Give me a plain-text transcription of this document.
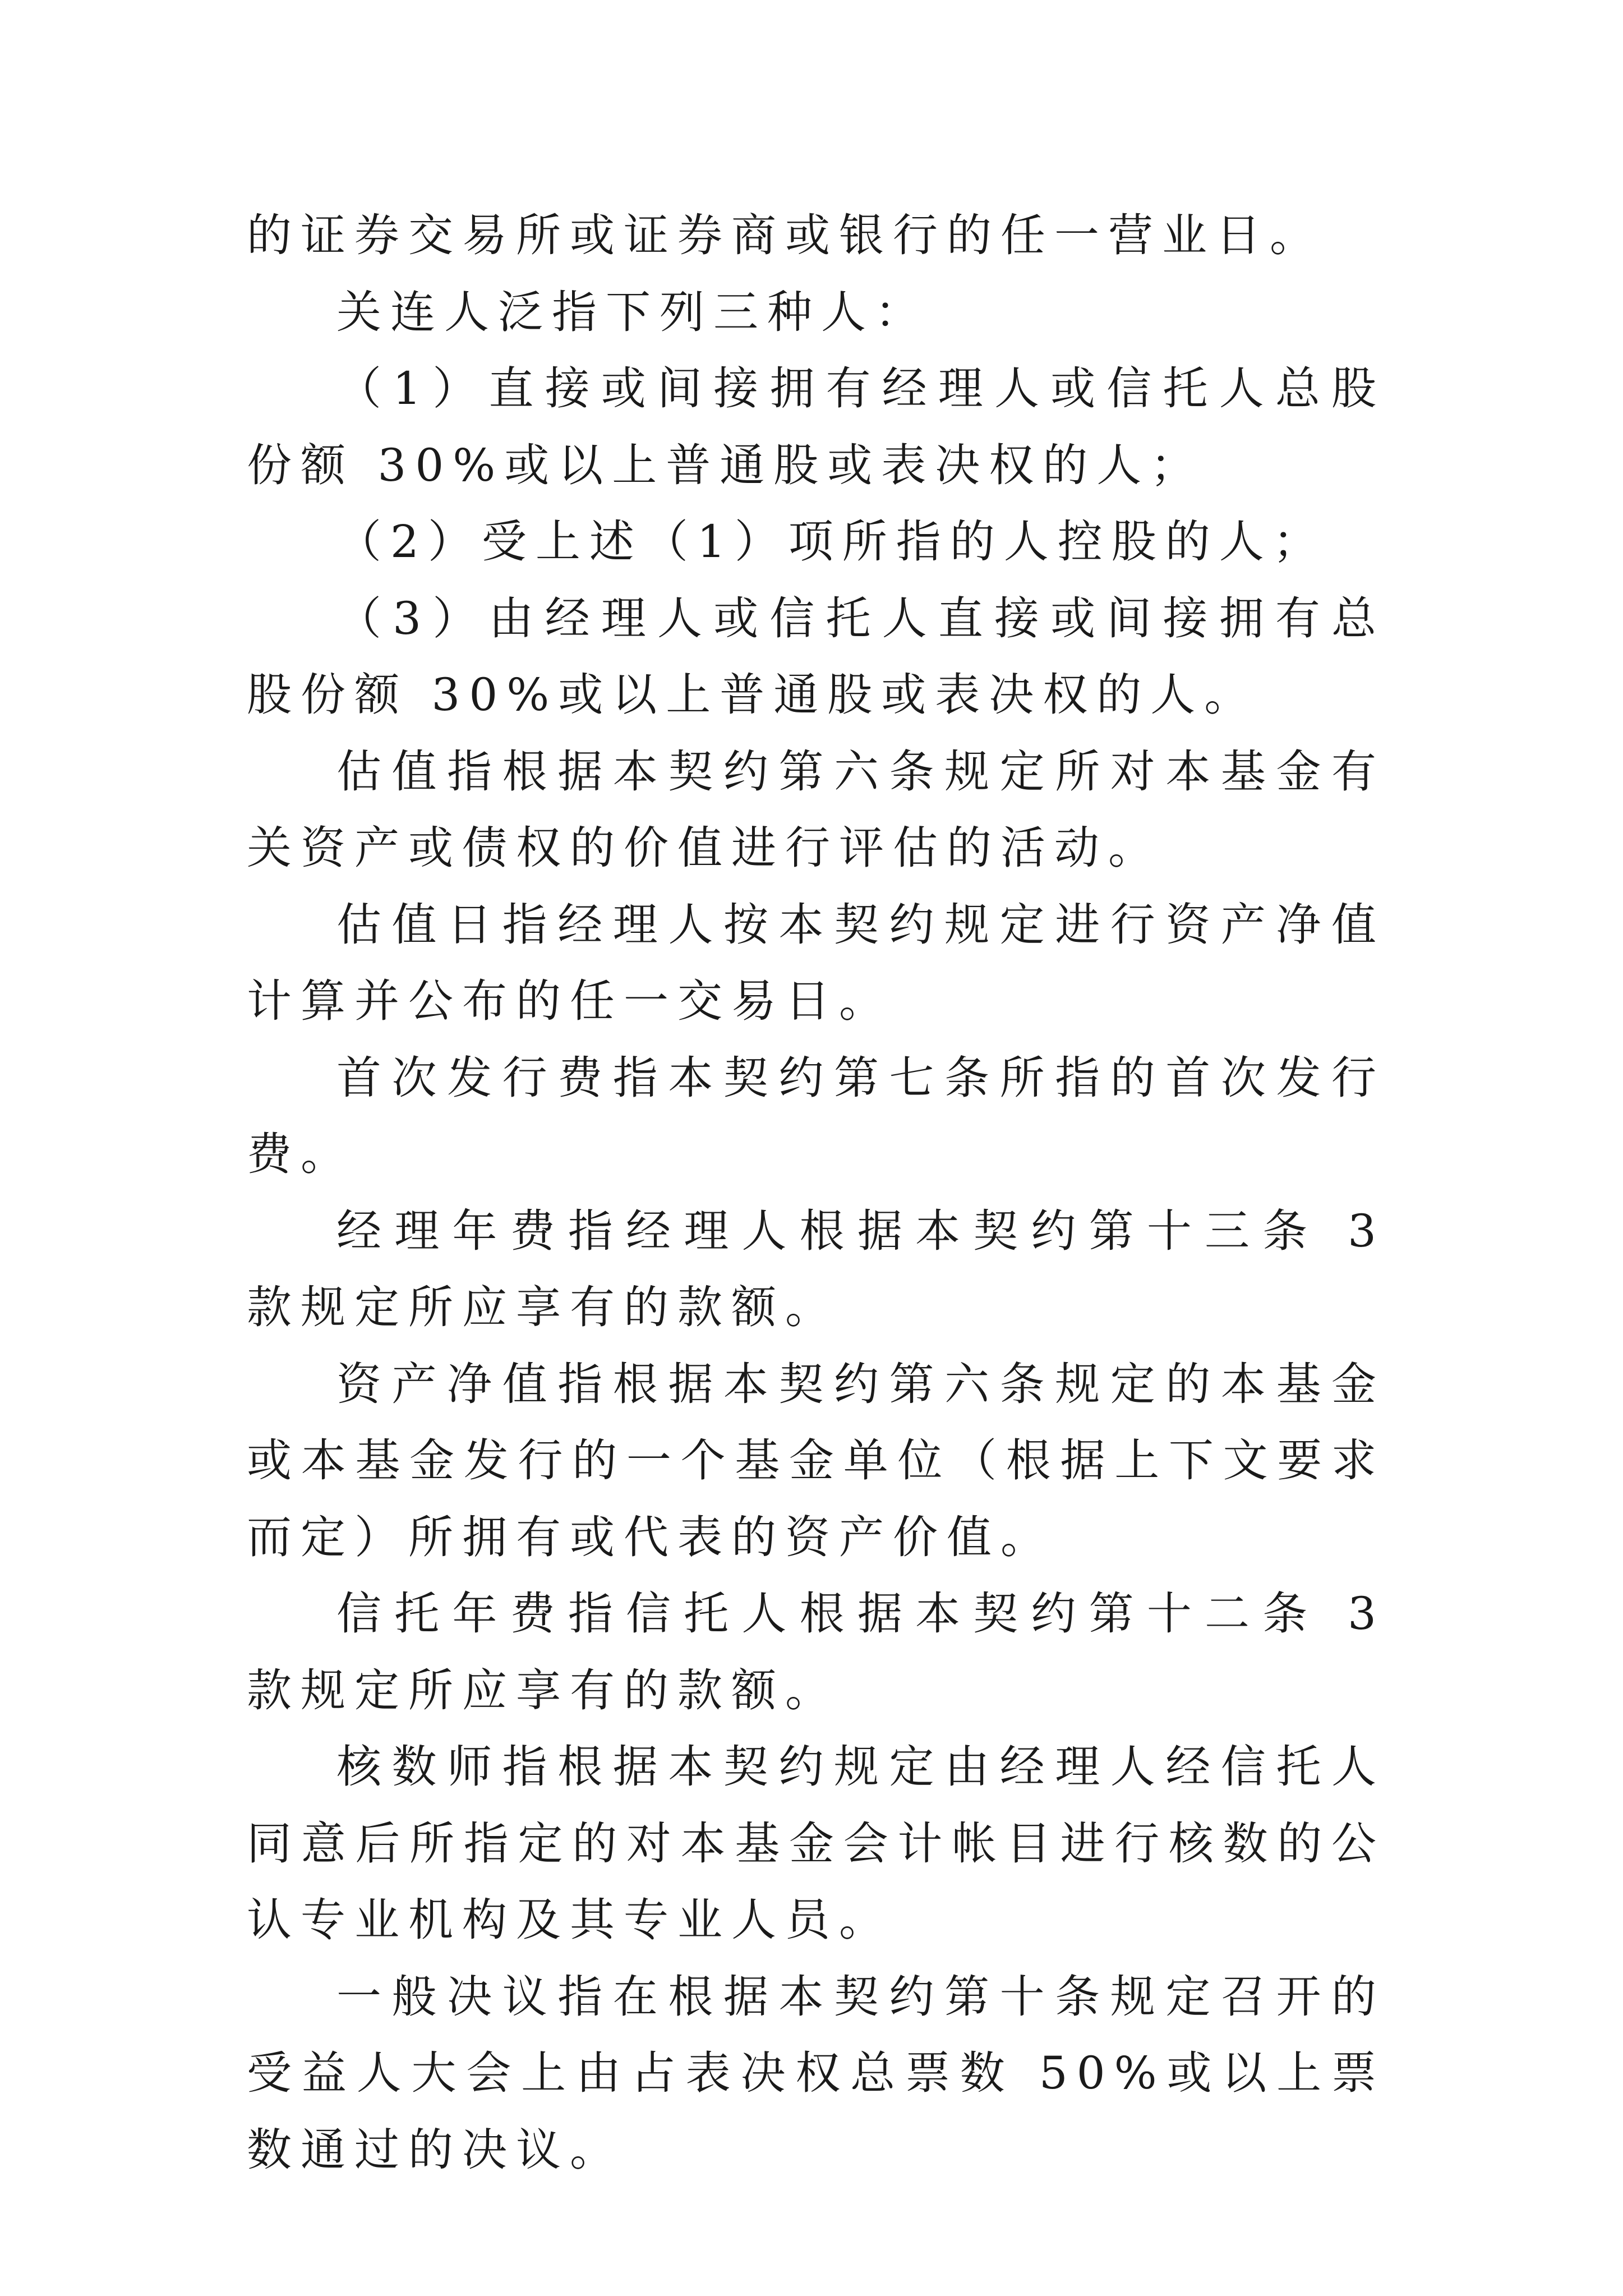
的证券交易所或证券商或银行的任一营业日。

关连人泛指下列三种人：

（1）直接或间接拥有经理人或信托人总股份额 30%或以上普通股或表决权的人；

（2）受上述（1）项所指的人控股的人；

（3）由经理人或信托人直接或间接拥有总股份额 30%或以上普通股或表决权的人。

估值指根据本契约第六条规定所对本基金有关资产或债权的价值进行评估的活动。

估值日指经理人按本契约规定进行资产净值计算并公布的任一交易日。

首次发行费指本契约第七条所指的首次发行费。

经理年费指经理人根据本契约第十三条 3 款规定所应享有的款额。

资产净值指根据本契约第六条规定的本基金或本基金发行的一个基金单位（根据上下文要求而定）所拥有或代表的资产价值。

信托年费指信托人根据本契约第十二条 3 款规定所应享有的款额。

核数师指根据本契约规定由经理人经信托人同意后所指定的对本基金会计帐目进行核数的公认专业机构及其专业人员。

一般决议指在根据本契约第十条规定召开的受益人大会上由占表决权总票数 50%或以上票数通过的决议。
